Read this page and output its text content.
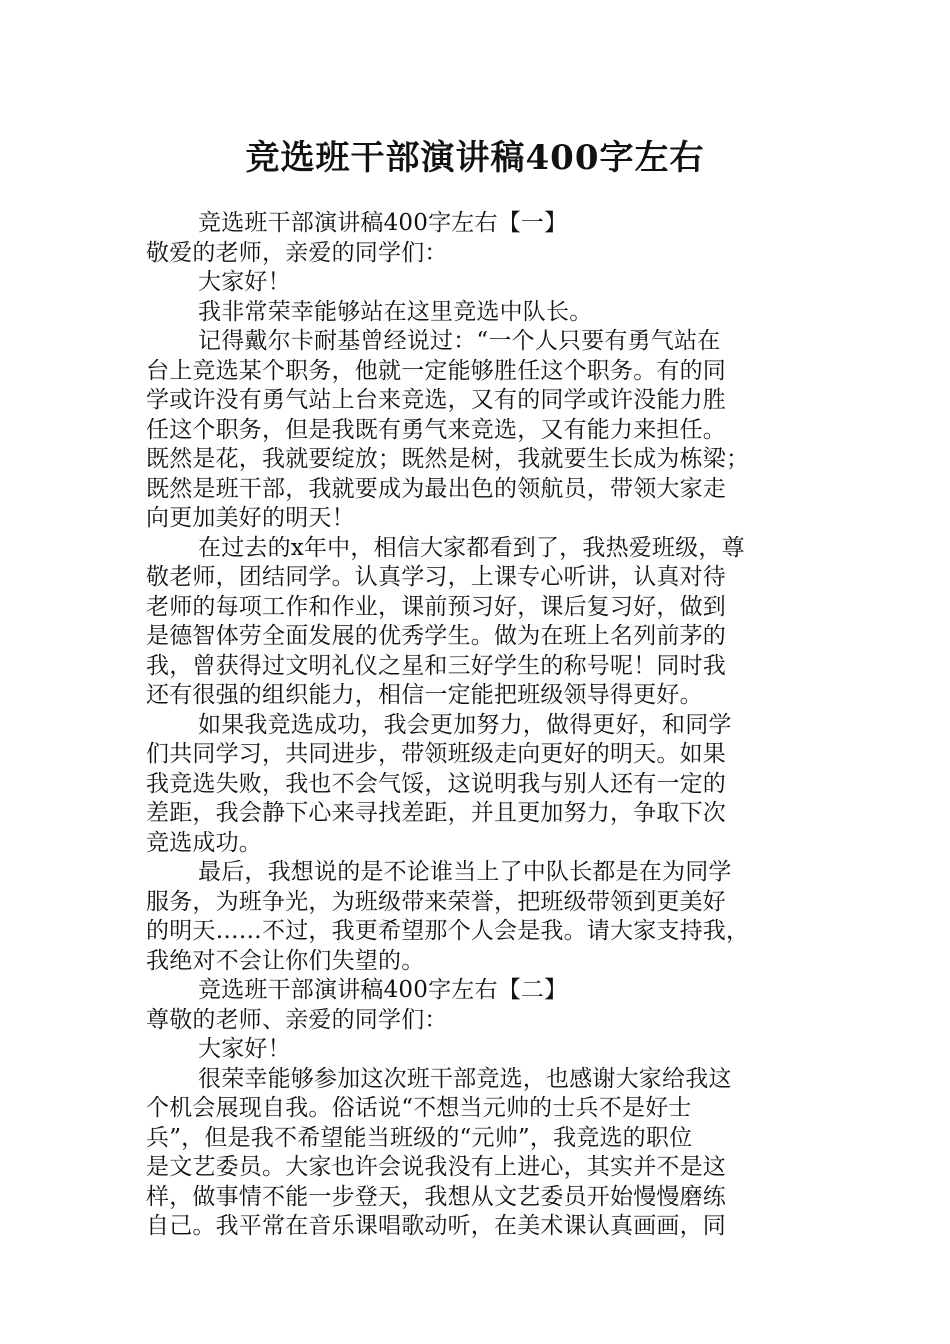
竞选班干部演讲稿400字左右
竞选班干部演讲稿400字左右【一】
敬爱的老师，亲爱的同学们：
大家好！
我非常荣幸能够站在这里竞选中队长。
记得戴尔卡耐基曾经说过：“一个人只要有勇气站在
台上竞选某个职务，他就一定能够胜任这个职务。有的同
学或许没有勇气站上台来竞选，又有的同学或许没能力胜
任这个职务，但是我既有勇气来竞选，又有能力来担任。
既然是花，我就要绽放；既然是树，我就要生长成为栋梁；
既然是班干部，我就要成为最出色的领航员，带领大家走
向更加美好的明天！
在过去的x年中，相信大家都看到了，我热爱班级，尊
敬老师，团结同学。认真学习，上课专心听讲，认真对待
老师的每项工作和作业，课前预习好，课后复习好，做到
是德智体劳全面发展的优秀学生。做为在班上名列前茅的
我，曾获得过文明礼仪之星和三好学生的称号呢！同时我
还有很强的组织能力，相信一定能把班级领导得更好。
如果我竞选成功，我会更加努力，做得更好，和同学
们共同学习，共同进步，带领班级走向更好的明天。如果
我竞选失败，我也不会气馁，这说明我与别人还有一定的
差距，我会静下心来寻找差距，并且更加努力，争取下次
竞选成功。
最后，我想说的是不论谁当上了中队长都是在为同学
服务，为班争光，为班级带来荣誉，把班级带领到更美好
的明天……不过，我更希望那个人会是我。请大家支持我，
我绝对不会让你们失望的。
竞选班干部演讲稿400字左右【二】
尊敬的老师、亲爱的同学们：
大家好！
很荣幸能够参加这次班干部竞选，也感谢大家给我这
个机会展现自我。俗话说“不想当元帅的士兵不是好士
兵”，但是我不希望能当班级的“元帅”，我竞选的职位
是文艺委员。大家也许会说我没有上进心，其实并不是这
样，做事情不能一步登天，我想从文艺委员开始慢慢磨练
自己。我平常在音乐课唱歌动听，在美术课认真画画，同
